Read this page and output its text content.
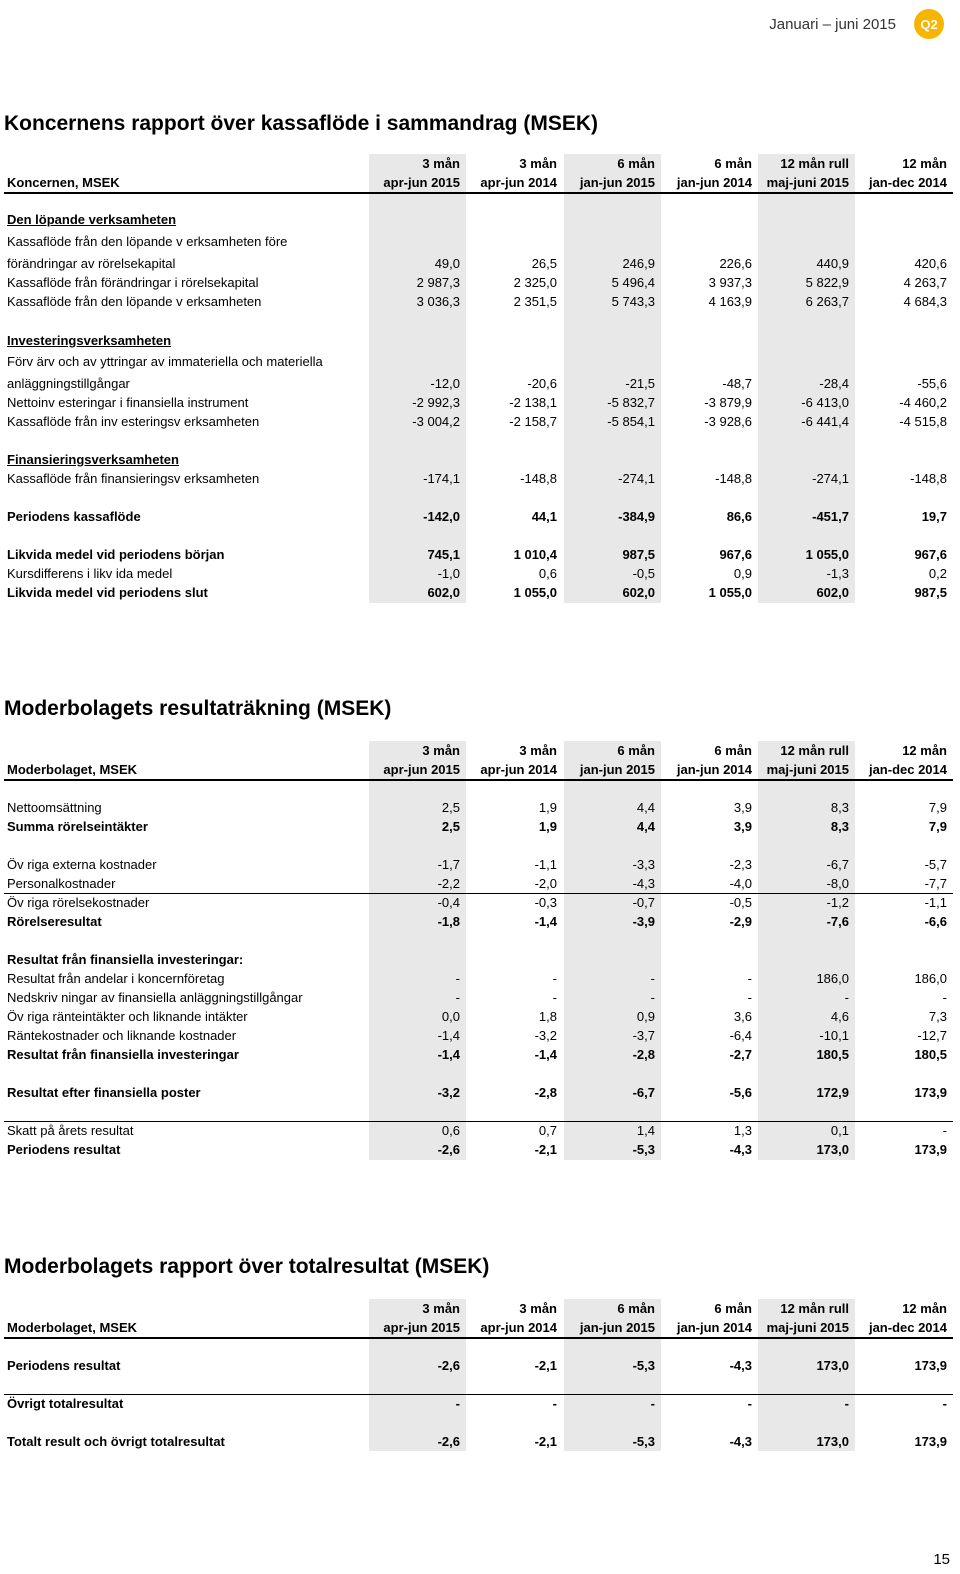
Januari – juni 2015	Q2
Koncernens rapport över kassaflöde i sammandrag (MSEK)
3 mån	3 mån	6 mån	6 mån	12 mån rull	12 mån
Koncernen, MSEK	apr-jun 2015	apr-jun 2014	jan-jun 2015	jan-jun 2014	maj-juni 2015	jan-dec 2014
Den löpande verksamheten
Kassaflöde från den löpande v erksamheten före
förändringar av rörelsekapital	49,0	26,5	246,9	226,6	440,9	420,6
Kassaflöde från förändringar i rörelsekapital	2 987,3	2 325,0	5 496,4	3 937,3	5 822,9	4 263,7
Kassaflöde från den löpande v erksamheten	3 036,3	2 351,5	5 743,3	4 163,9	6 263,7	4 684,3
Investeringsverksamheten
Förv ärv och av yttringar av immateriella och materiella
anläggningstillgångar	-12,0	-20,6	-21,5	-48,7	-28,4	-55,6
Nettoinv esteringar i finansiella instrument	-2 992,3	-2 138,1	-5 832,7	-3 879,9	-6 413,0	-4 460,2
Kassaflöde från inv esteringsv erksamheten	-3 004,2	-2 158,7	-5 854,1	-3 928,6	-6 441,4	-4 515,8
Finansieringsverksamheten
Kassaflöde från finansieringsv erksamheten	-174,1	-148,8	-274,1	-148,8	-274,1	-148,8
Periodens kassaflöde	-142,0	44,1	-384,9	86,6	-451,7	19,7
Likvida medel vid periodens början	745,1	1 010,4	987,5	967,6	1 055,0	967,6
Kursdifferens i likv ida medel	-1,0	0,6	-0,5	0,9	-1,3	0,2
Likvida medel vid periodens slut	602,0	1 055,0	602,0	1 055,0	602,0	987,5
Moderbolagets resultaträkning (MSEK)
3 mån	3 mån	6 mån	6 mån	12 mån rull	12 mån
Moderbolaget, MSEK	apr-jun 2015	apr-jun 2014	jan-jun 2015	jan-jun 2014	maj-juni 2015	jan-dec 2014
Nettoomsättning	2,5	1,9	4,4	3,9	8,3	7,9
Summa rörelseintäkter	2,5	1,9	4,4	3,9	8,3	7,9
Öv riga externa kostnader	-1,7	-1,1	-3,3	-2,3	-6,7	-5,7
Personalkostnader	-2,2	-2,0	-4,3	-4,0	-8,0	-7,7
Öv riga rörelsekostnader	-0,4	-0,3	-0,7	-0,5	-1,2	-1,1
Rörelseresultat	-1,8	-1,4	-3,9	-2,9	-7,6	-6,6
Resultat från finansiella investeringar:
Resultat från andelar i koncernföretag	-	-	-	-	186,0	186,0
Nedskriv ningar av finansiella anläggningstillgångar	-	-	-	-	-	-
Öv riga ränteintäkter och liknande intäkter	0,0	1,8	0,9	3,6	4,6	7,3
Räntekostnader och liknande kostnader	-1,4	-3,2	-3,7	-6,4	-10,1	-12,7
Resultat från finansiella investeringar	-1,4	-1,4	-2,8	-2,7	180,5	180,5
Resultat efter finansiella poster	-3,2	-2,8	-6,7	-5,6	172,9	173,9
Skatt på årets resultat	0,6	0,7	1,4	1,3	0,1	-
Periodens resultat	-2,6	-2,1	-5,3	-4,3	173,0	173,9
Moderbolagets rapport över totalresultat (MSEK)
3 mån	3 mån	6 mån	6 mån	12 mån rull	12 mån
Moderbolaget, MSEK	apr-jun 2015	apr-jun 2014	jan-jun 2015	jan-jun 2014	maj-juni 2015	jan-dec 2014
Periodens resultat	-2,6	-2,1	-5,3	-4,3	173,0	173,9
Övrigt totalresultat	-	-	-	-	-	-
Totalt result och övrigt totalresultat	-2,6	-2,1	-5,3	-4,3	173,0	173,9
15
